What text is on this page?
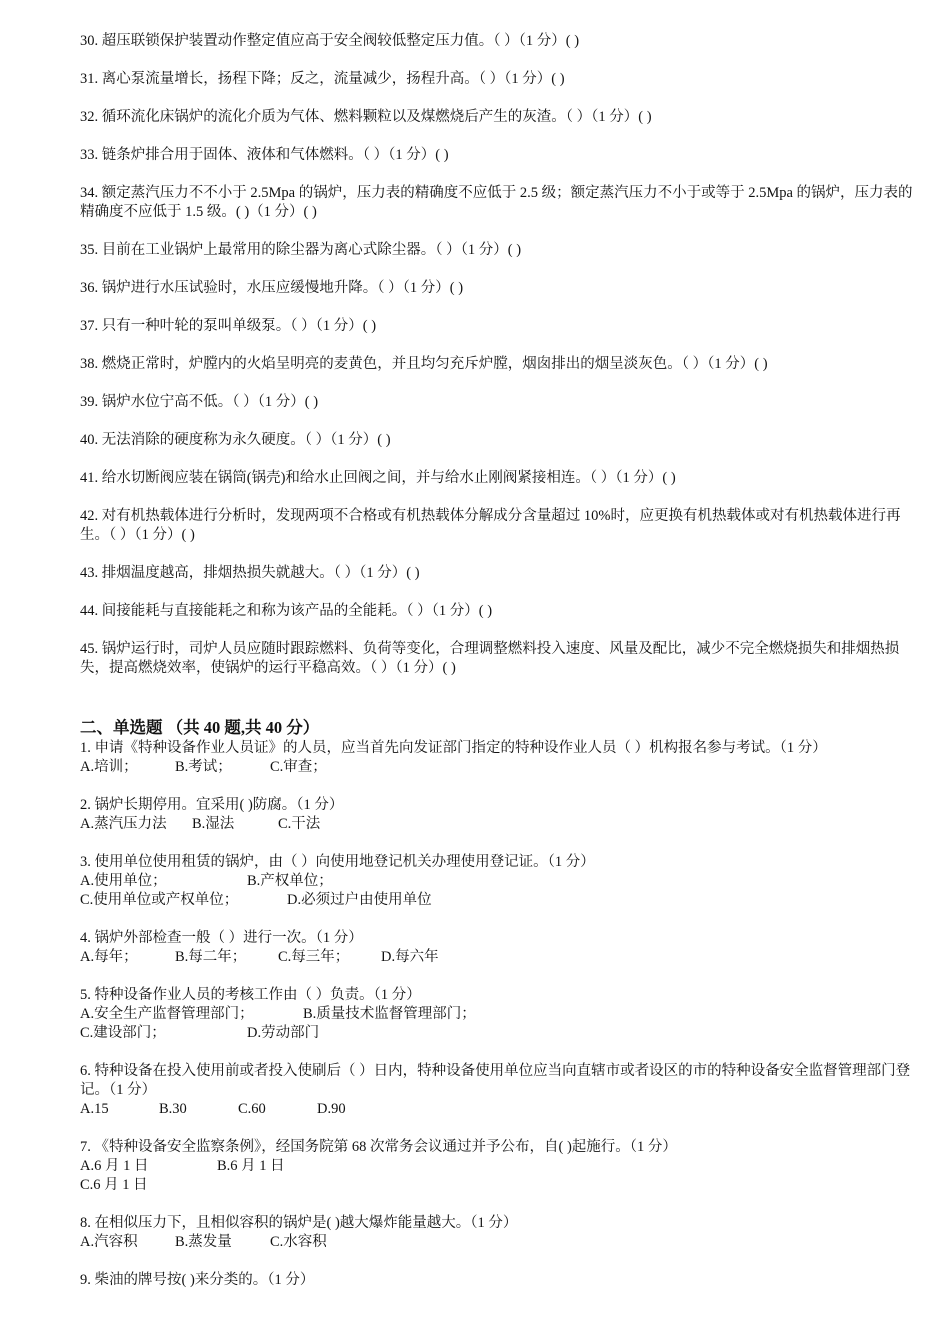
30. 超压联锁保护装置动作整定值应高于安全阀较低整定压力值。（ ）（1 分）( )

31. 离心泵流量增长，扬程下降；反之，流量减少，扬程升高。（ ）（1 分）( )

32. 循环流化床锅炉的流化介质为气体、燃料颗粒以及煤燃烧后产生的灰渣。（ ）（1 分）( )

33. 链条炉排合用于固体、液体和气体燃料。（ ）（1 分）( )

34. 额定蒸汽压力不不小于 2.5Mpa 的锅炉，压力表的精确度不应低于 2.5 级；额定蒸汽压力不小于或等于 2.5Mpa 的锅炉，压力表的精确度不应低于 1.5 级。( )（1 分）( )

35. 目前在工业锅炉上最常用的除尘器为离心式除尘器。（ ）（1 分）( )

36. 锅炉进行水压试验时，水压应缓慢地升降。（ ）（1 分）( )

37. 只有一种叶轮的泵叫单级泵。（ ）（1 分）( )

38. 燃烧正常时，炉膛内的火焰呈明亮的麦黄色，并且均匀充斥炉膛，烟囱排出的烟呈淡灰色。（ ）（1 分）( )

39. 锅炉水位宁高不低。（ ）（1 分）( )

40. 无法消除的硬度称为永久硬度。（ ）（1 分）( )

41. 给水切断阀应装在锅筒(锅壳)和给水止回阀之间，并与给水止刚阀紧接相连。（ ）（1 分）( )

42. 对有机热载体进行分析时，发现两项不合格或有机热载体分解成分含量超过 10%时，应更换有机热载体或对有机热载体进行再生。（ ）（1 分）( )

43. 排烟温度越高，排烟热损失就越大。（ ）（1 分）( )

44. 间接能耗与直接能耗之和称为该产品的全能耗。（ ）（1 分）( )

45. 锅炉运行时，司炉人员应随时跟踪燃料、负荷等变化，合理调整燃料投入速度、风量及配比，减少不完全燃烧损失和排烟热损失，提高燃烧效率，使锅炉的运行平稳高效。（ ）（1 分）( )

二、单选题 （共 40 题,共 40 分）
1. 申请《特种设备作业人员证》的人员，应当首先向发证部门指定的特种设作业人员（ ）机构报名参与考试。（1 分）
A.培训；	B.考试；	C.审查；
2. 锅炉长期停用。宜采用( )防腐。（1 分）
A.蒸汽压力法 B.湿法	C.干法
3. 使用单位使用租赁的锅炉，由（ ）向使用地登记机关办理使用登记证。（1 分）
A.使用单位；	B.产权单位；
C.使用单位或产权单位；	D.必须过户由使用单位
4. 锅炉外部检查一般（ ）进行一次。（1 分）
A.每年；	B.每二年； C.每三年； D.每六年
5. 特种设备作业人员的考核工作由（ ）负责。（1 分）
A.安全生产监督管理部门；	B.质量技术监督管理部门；
C.建设部门；	D.劳动部门
6. 特种设备在投入使用前或者投入使刷后（ ）日内，特种设备使用单位应当向直辖市或者设区的市的特种设备安全监督管理部门登记。（1 分）
A.15	B.30	C.60	D.90
7. 《特种设备安全监察条例》，经国务院第 68 次常务会议通过并予公布，自( )起施行。（1 分）
A.6 月 1 日	B.6 月 1 日
C.6 月 1 日
8. 在相似压力下，且相似容积的锅炉是( )越大爆炸能量越大。（1 分）
A.汽容积	B.蒸发量	C.水容积
9. 柴油的牌号按( )来分类的。（1 分）
